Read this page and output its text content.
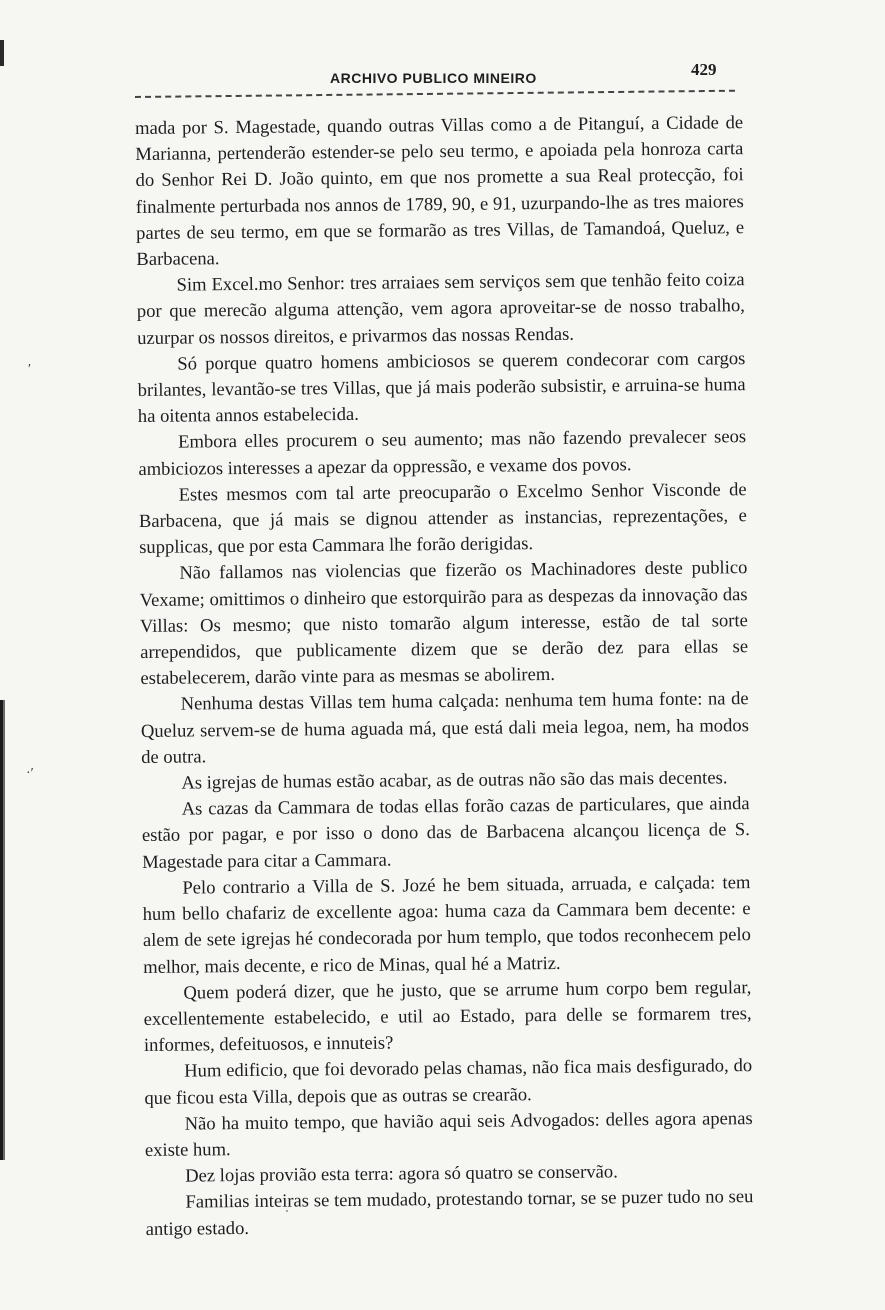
ARCHIVO PUBLICO MINEIRO	429
′
·′

mada por S. Magestade, quando outras Villas como a de Pitanguí, a Cidade de Marianna, pertenderão estender-se pelo seu termo, e apoiada pela honroza carta do Senhor Rei D. João quinto, em que nos promette a sua Real protecção, foi finalmente perturbada nos annos de 1789, 90, e 91, uzurpando-lhe as tres maiores partes de seu termo, em que se formarão as tres Villas, de Tamandoá, Queluz, e Barbacena.

Sim Excel.mo Senhor: tres arraiaes sem serviços sem que tenhão feito coiza por que merecão alguma attenção, vem agora aproveitar-se de nosso trabalho, uzurpar os nossos direitos, e privarmos das nossas Rendas.

Só porque quatro homens ambiciosos se querem condecorar com cargos brilantes, levantão-se tres Villas, que já mais poderão subsistir, e arruina-se huma ha oitenta annos estabelecida.

Embora elles procurem o seu aumento; mas não fazendo prevalecer seos ambiciozos interesses a apezar da oppressão, e vexame dos povos.

Estes mesmos com tal arte preocuparão o Excelmo Senhor Visconde de Barbacena, que já mais se dignou attender as instancias, reprezentações, e supplicas, que por esta Cammara lhe forão derigidas.

Não fallamos nas violencias que fizerão os Machinadores deste publico Vexame; omittimos o dinheiro que estorquirão para as despezas da innovação das Villas: Os mesmo; que nisto tomarão algum interesse, estão de tal sorte arrependidos, que publicamente dizem que se derão dez para ellas se estabelecerem, darão vinte para as mesmas se abolirem.

Nenhuma destas Villas tem huma calçada: nenhuma tem huma fonte: na de Queluz servem-se de huma aguada má, que está dali meia legoa, nem, ha modos de outra.

As igrejas de humas estão acabar, as de outras não são das mais decentes.

As cazas da Cammara de todas ellas forão cazas de particulares, que ainda estão por pagar, e por isso o dono das de Barbacena alcançou licença de S. Magestade para citar a Cammara.

Pelo contrario a Villa de S. Jozé he bem situada, arruada, e calçada: tem hum bello chafariz de excellente agoa: huma caza da Cammara bem decente: e alem de sete igrejas hé condecorada por hum templo, que todos reconhecem pelo melhor, mais decente, e rico de Minas, qual hé a Matriz.

Quem poderá dizer, que he justo, que se arrume hum corpo bem regular, excellentemente estabelecido, e util ao Estado, para delle se formarem tres, informes, defeituosos, e innuteis?

Hum edificio, que foi devorado pelas chamas, não fica mais desfigurado, do que ficou esta Villa, depois que as outras se crearão.

Não ha muito tempo, que havião aqui seis Advogados: delles agora apenas existe hum.

Dez lojas provião esta terra: agora só quatro se conservão.

Familias inteiras se tem mudado, protestando tornar, se se puzer tudo no seu antigo estado.
